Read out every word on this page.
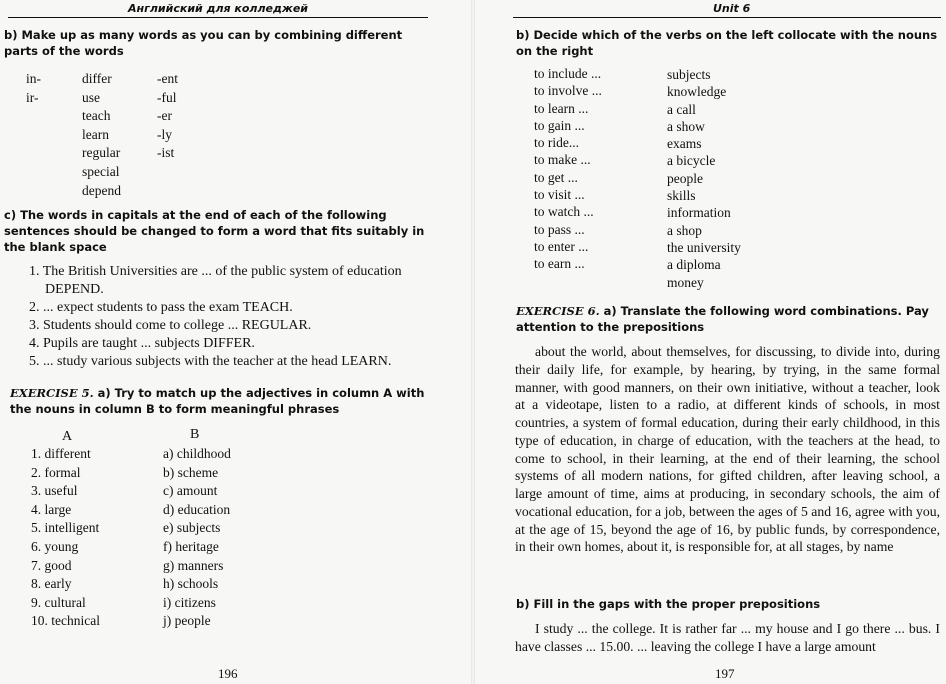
Английский для колледжей
b) Make up as many words as you can by combining different parts of the words
in-
ir-
differ
use
teach
learn
regular
special
depend
-ent
-ful
-er
-ly
-ist
c) The words in capitals at the end of each of the following sentences should be changed to form a word that fits suitably in the blank space
1. The British Universities are ... of the public system of education
DEPEND.
2. ... expect students to pass the exam TEACH.
3. Students should come to college ... REGULAR.
4. Pupils are taught ... subjects DIFFER.
5. ... study various subjects with the teacher at the head LEARN.
EXERCISE 5. a) Try to match up the adjectives in column A with the nouns in column B to form meaningful phrases
A	B
1. different
2. formal
3. useful
4. large
5. intelligent
6. young
7. good
8. early
9. cultural
10. technical
a) childhood
b) scheme
c) amount
d) education
e) subjects
f) heritage
g) manners
h) schools
i) citizens
j) people
196
Unit 6
b) Decide which of the verbs on the left collocate with the nouns on the right
to include ...
to involve ...
to learn ...
to gain ...
to ride...
to make ...
to get ...
to visit ...
to watch ...
to pass ...
to enter ...
to earn ...
subjects
knowledge
a call
a show
exams
a bicycle
people
skills
information
a shop
the university
a diploma
money
EXERCISE 6. a) Translate the following word combinations. Pay attention to the prepositions
about the world, about themselves, for discussing, to divide into, during their daily life, for example, by hearing, by trying, in the same formal manner, with good manners, on their own initiative, without a teacher, look at a videotape, listen to a radio, at different kinds of schools, in most countries, a system of formal education, during their early childhood, in this type of education, in charge of education, with the teachers at the head, to come to school, in their learning, at the end of their learning, the school systems of all modern nations, for gifted children, after leaving school, a large amount of time, aims at producing, in secondary schools, the aim of vocational education, for a job, between the ages of 5 and 16, agree with you, at the age of 15, beyond the age of 16, by public funds, by correspondence, in their own homes, about it, is responsible for, at all stages, by name
b) Fill in the gaps with the proper prepositions
I study ... the college. It is rather far ... my house and I go there ... bus. I have classes ... 15.00. ... leaving the college I have a large amount
197
